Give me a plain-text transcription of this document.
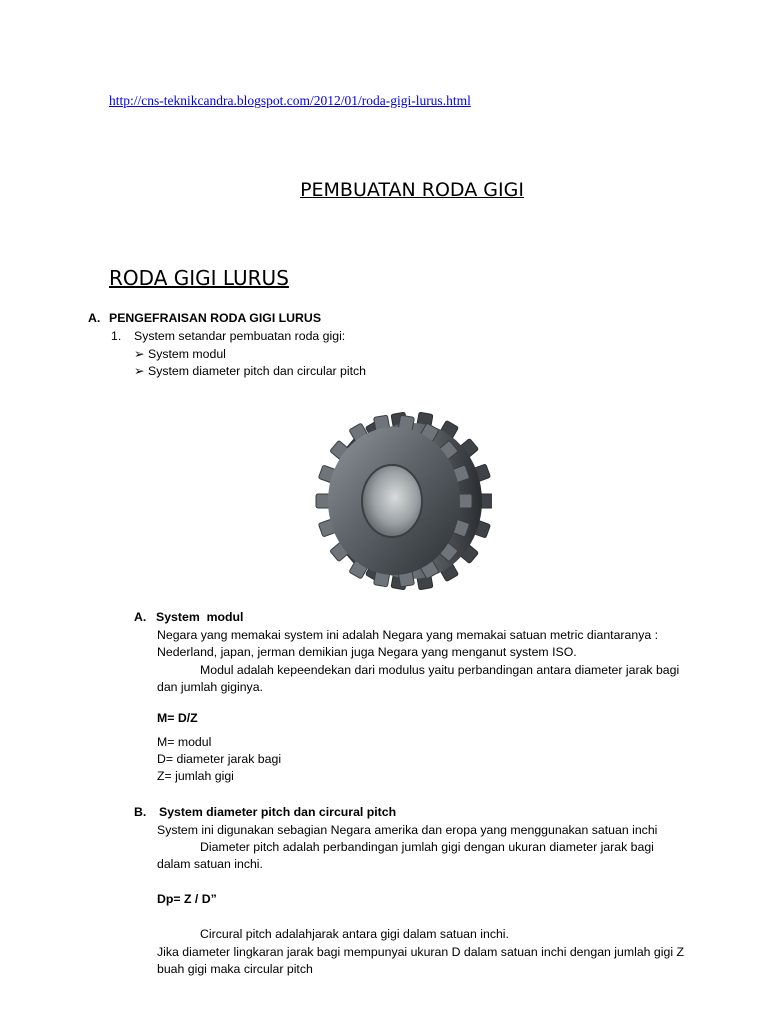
http://cns-teknikcandra.blogspot.com/2012/01/roda-gigi-lurus.html
PEMBUATAN RODA GIGI
RODA GIGI LURUS
A. PENGEFRAISAN RODA GIGI LURUS
1. System setandar pembuatan roda gigi:
➢ System modul
➢ System diameter pitch dan circular pitch
A. System  modul
Negara yang memakai system ini adalah Negara yang memakai satuan metric diantaranya :
Nederland, japan, jerman demikian juga Negara yang menganut system ISO.
Modul adalah kepeendekan dari modulus yaitu perbandingan antara diameter jarak bagi
dan jumlah giginya.
M= D/Z
M= modul
D= diameter jarak bagi
Z= jumlah gigi
B. System diameter pitch dan circural pitch
System ini digunakan sebagian Negara amerika dan eropa yang menggunakan satuan inchi
Diameter pitch adalah perbandingan jumlah gigi dengan ukuran diameter jarak bagi
dalam satuan inchi.
Dp= Z / D”
Circural pitch adalahjarak antara gigi dalam satuan inchi.
Jika diameter lingkaran jarak bagi mempunyai ukuran D dalam satuan inchi dengan jumlah gigi Z
buah gigi maka circular pitch
